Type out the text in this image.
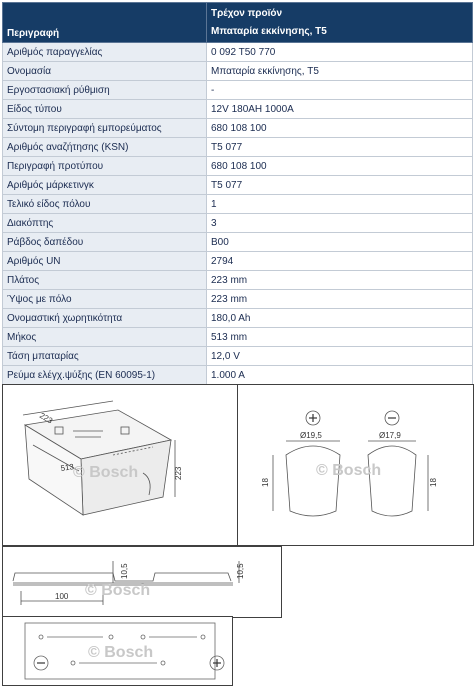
Περιγραφή	Τρέχον προϊόν
Μπαταρία εκκίνησης, T5

Αριθμός παραγγελίας	0 092 T50 770
Ονομασία	Μπαταρία εκκίνησης, T5
Εργοστασιακή ρύθμιση	-
Είδος τύπου	12V 180AH 1000A
Σύντομη περιγραφή εμπορεύματος	680 108 100
Αριθμός αναζήτησης (KSN)	T5 077
Περιγραφή προτύπου	680 108 100
Αριθμός μάρκετινγκ	T5 077
Τελικό είδος πόλου	1
Διακόπτης	3
Ράβδος δαπέδου	B00
Αριθμός UN	2794
Πλάτος	223 mm
Ύψος με πόλο	223 mm
Ονομαστική χωρητικότητα	180,0 Ah
Μήκος	513 mm
Τάση μπαταρίας	12,0 V
Ρεύμα ελέγχ.ψύξης (EN 60095-1)	1.000 A
513
223
223
© Bosch
Ø19,5	Ø17,9
18	18
© Bosch
10,5	10,5
100 © Bosch
© Bosch
